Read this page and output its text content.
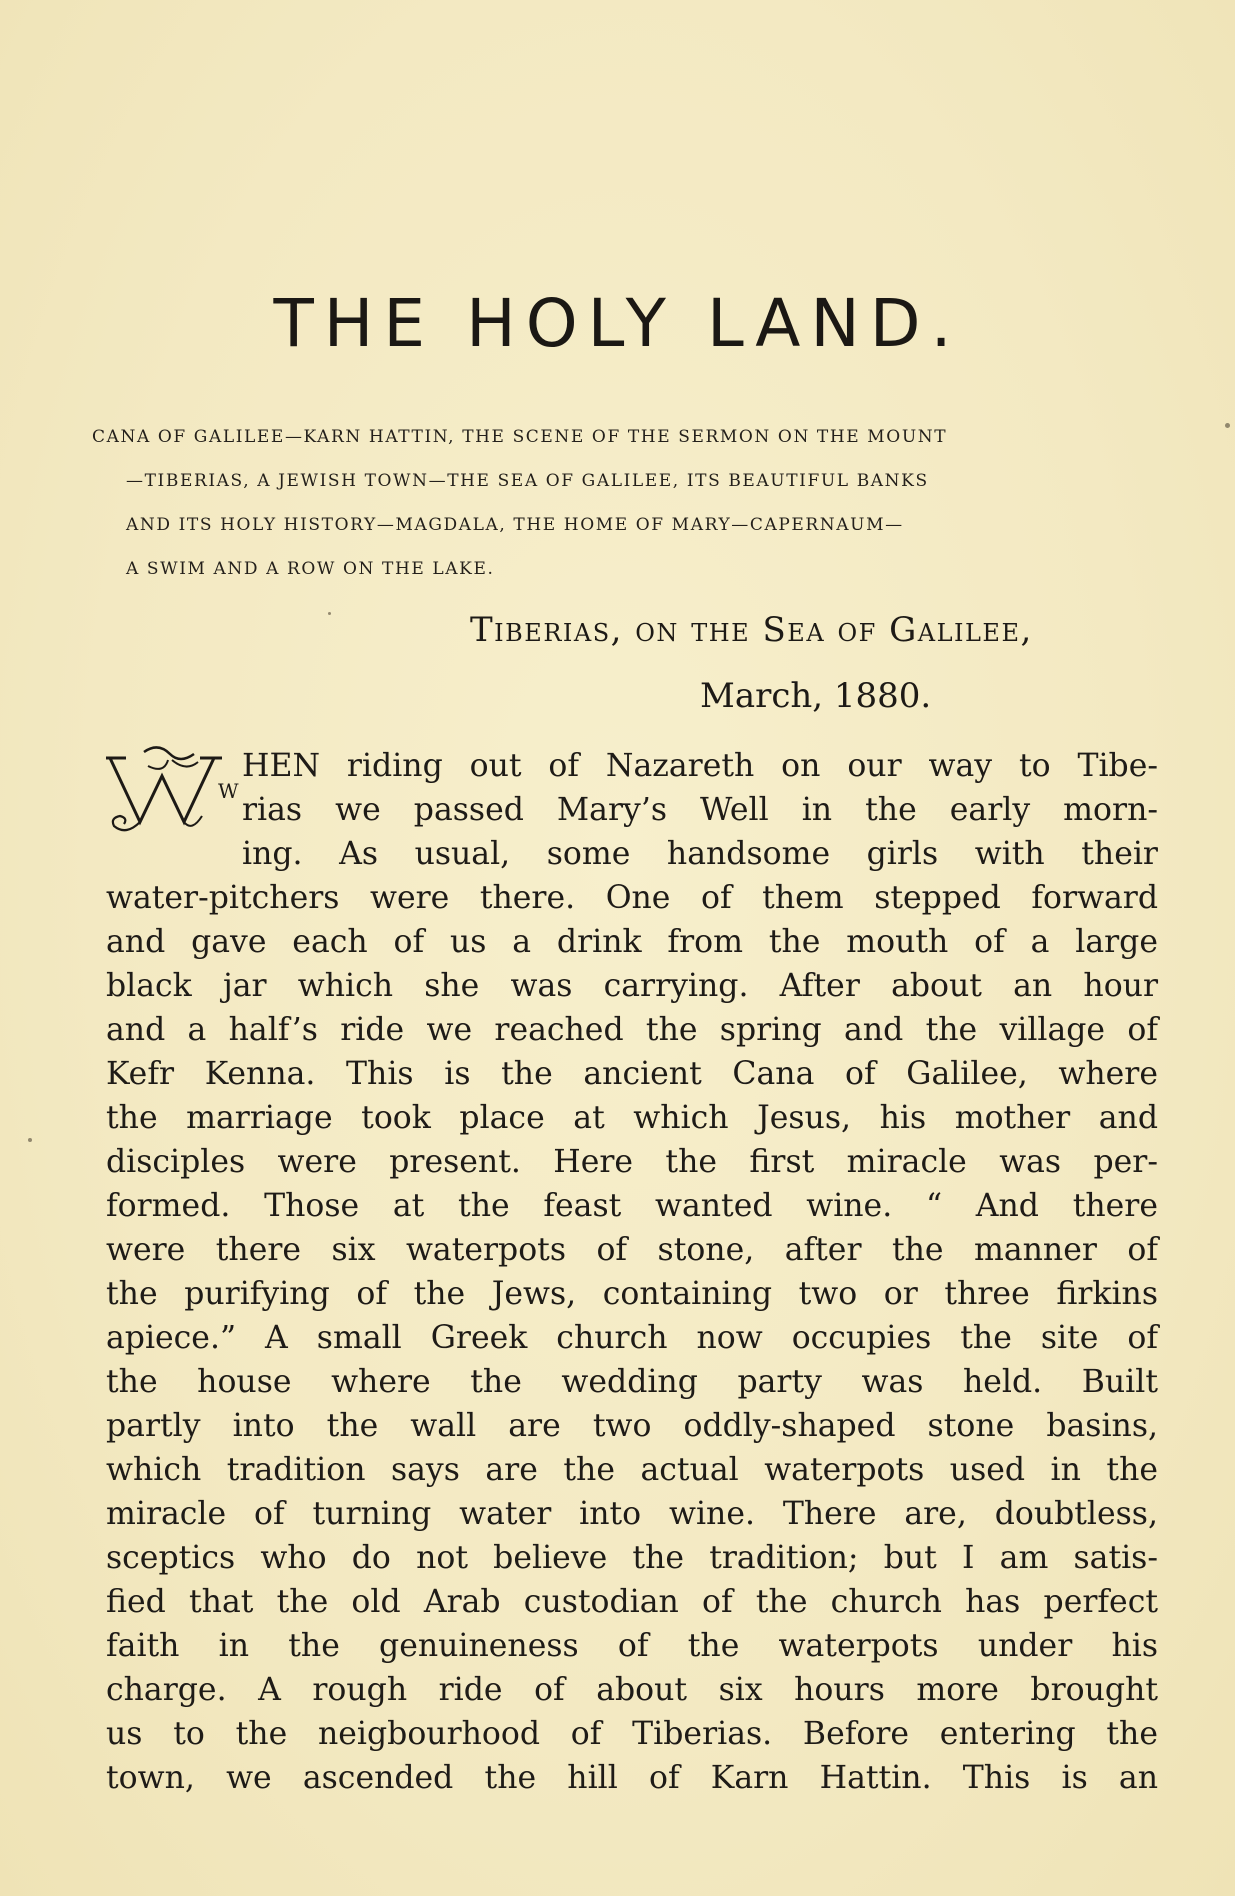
THE HOLY LAND.
CANA OF GALILEE—KARN HATTIN, THE SCENE OF THE SERMON ON THE MOUNT
—TIBERIAS, A JEWISH TOWN—THE SEA OF GALILEE, ITS BEAUTIFUL BANKS
AND ITS HOLY HISTORY—MAGDALA, THE HOME OF MARY—CAPERNAUM—
A SWIM AND A ROW ON THE LAKE.
Tiberias, on the Sea of Galilee,
March, 1880.
W
HEN riding out of Nazareth on our way to Tibe-
rias we passed Mary’s Well in the early morn-
ing. As usual, some handsome girls with their
water-pitchers were there. One of them stepped forward
and gave each of us a drink from the mouth of a large
black jar which she was carrying. After about an hour
and a half’s ride we reached the spring and the village of
Kefr Kenna. This is the ancient Cana of Galilee, where
the marriage took place at which Jesus, his mother and
disciples were present. Here the first miracle was per-
formed. Those at the feast wanted wine. “ And there
were there six waterpots of stone, after the manner of
the purifying of the Jews, containing two or three firkins
apiece.” A small Greek church now occupies the site of
the house where the wedding party was held. Built
partly into the wall are two oddly-shaped stone basins,
which tradition says are the actual waterpots used in the
miracle of turning water into wine. There are, doubtless,
sceptics who do not believe the tradition; but I am satis-
fied that the old Arab custodian of the church has perfect
faith in the genuineness of the waterpots under his
charge. A rough ride of about six hours more brought
us to the neigbourhood of Tiberias. Before entering the
town, we ascended the hill of Karn Hattin. This is an
